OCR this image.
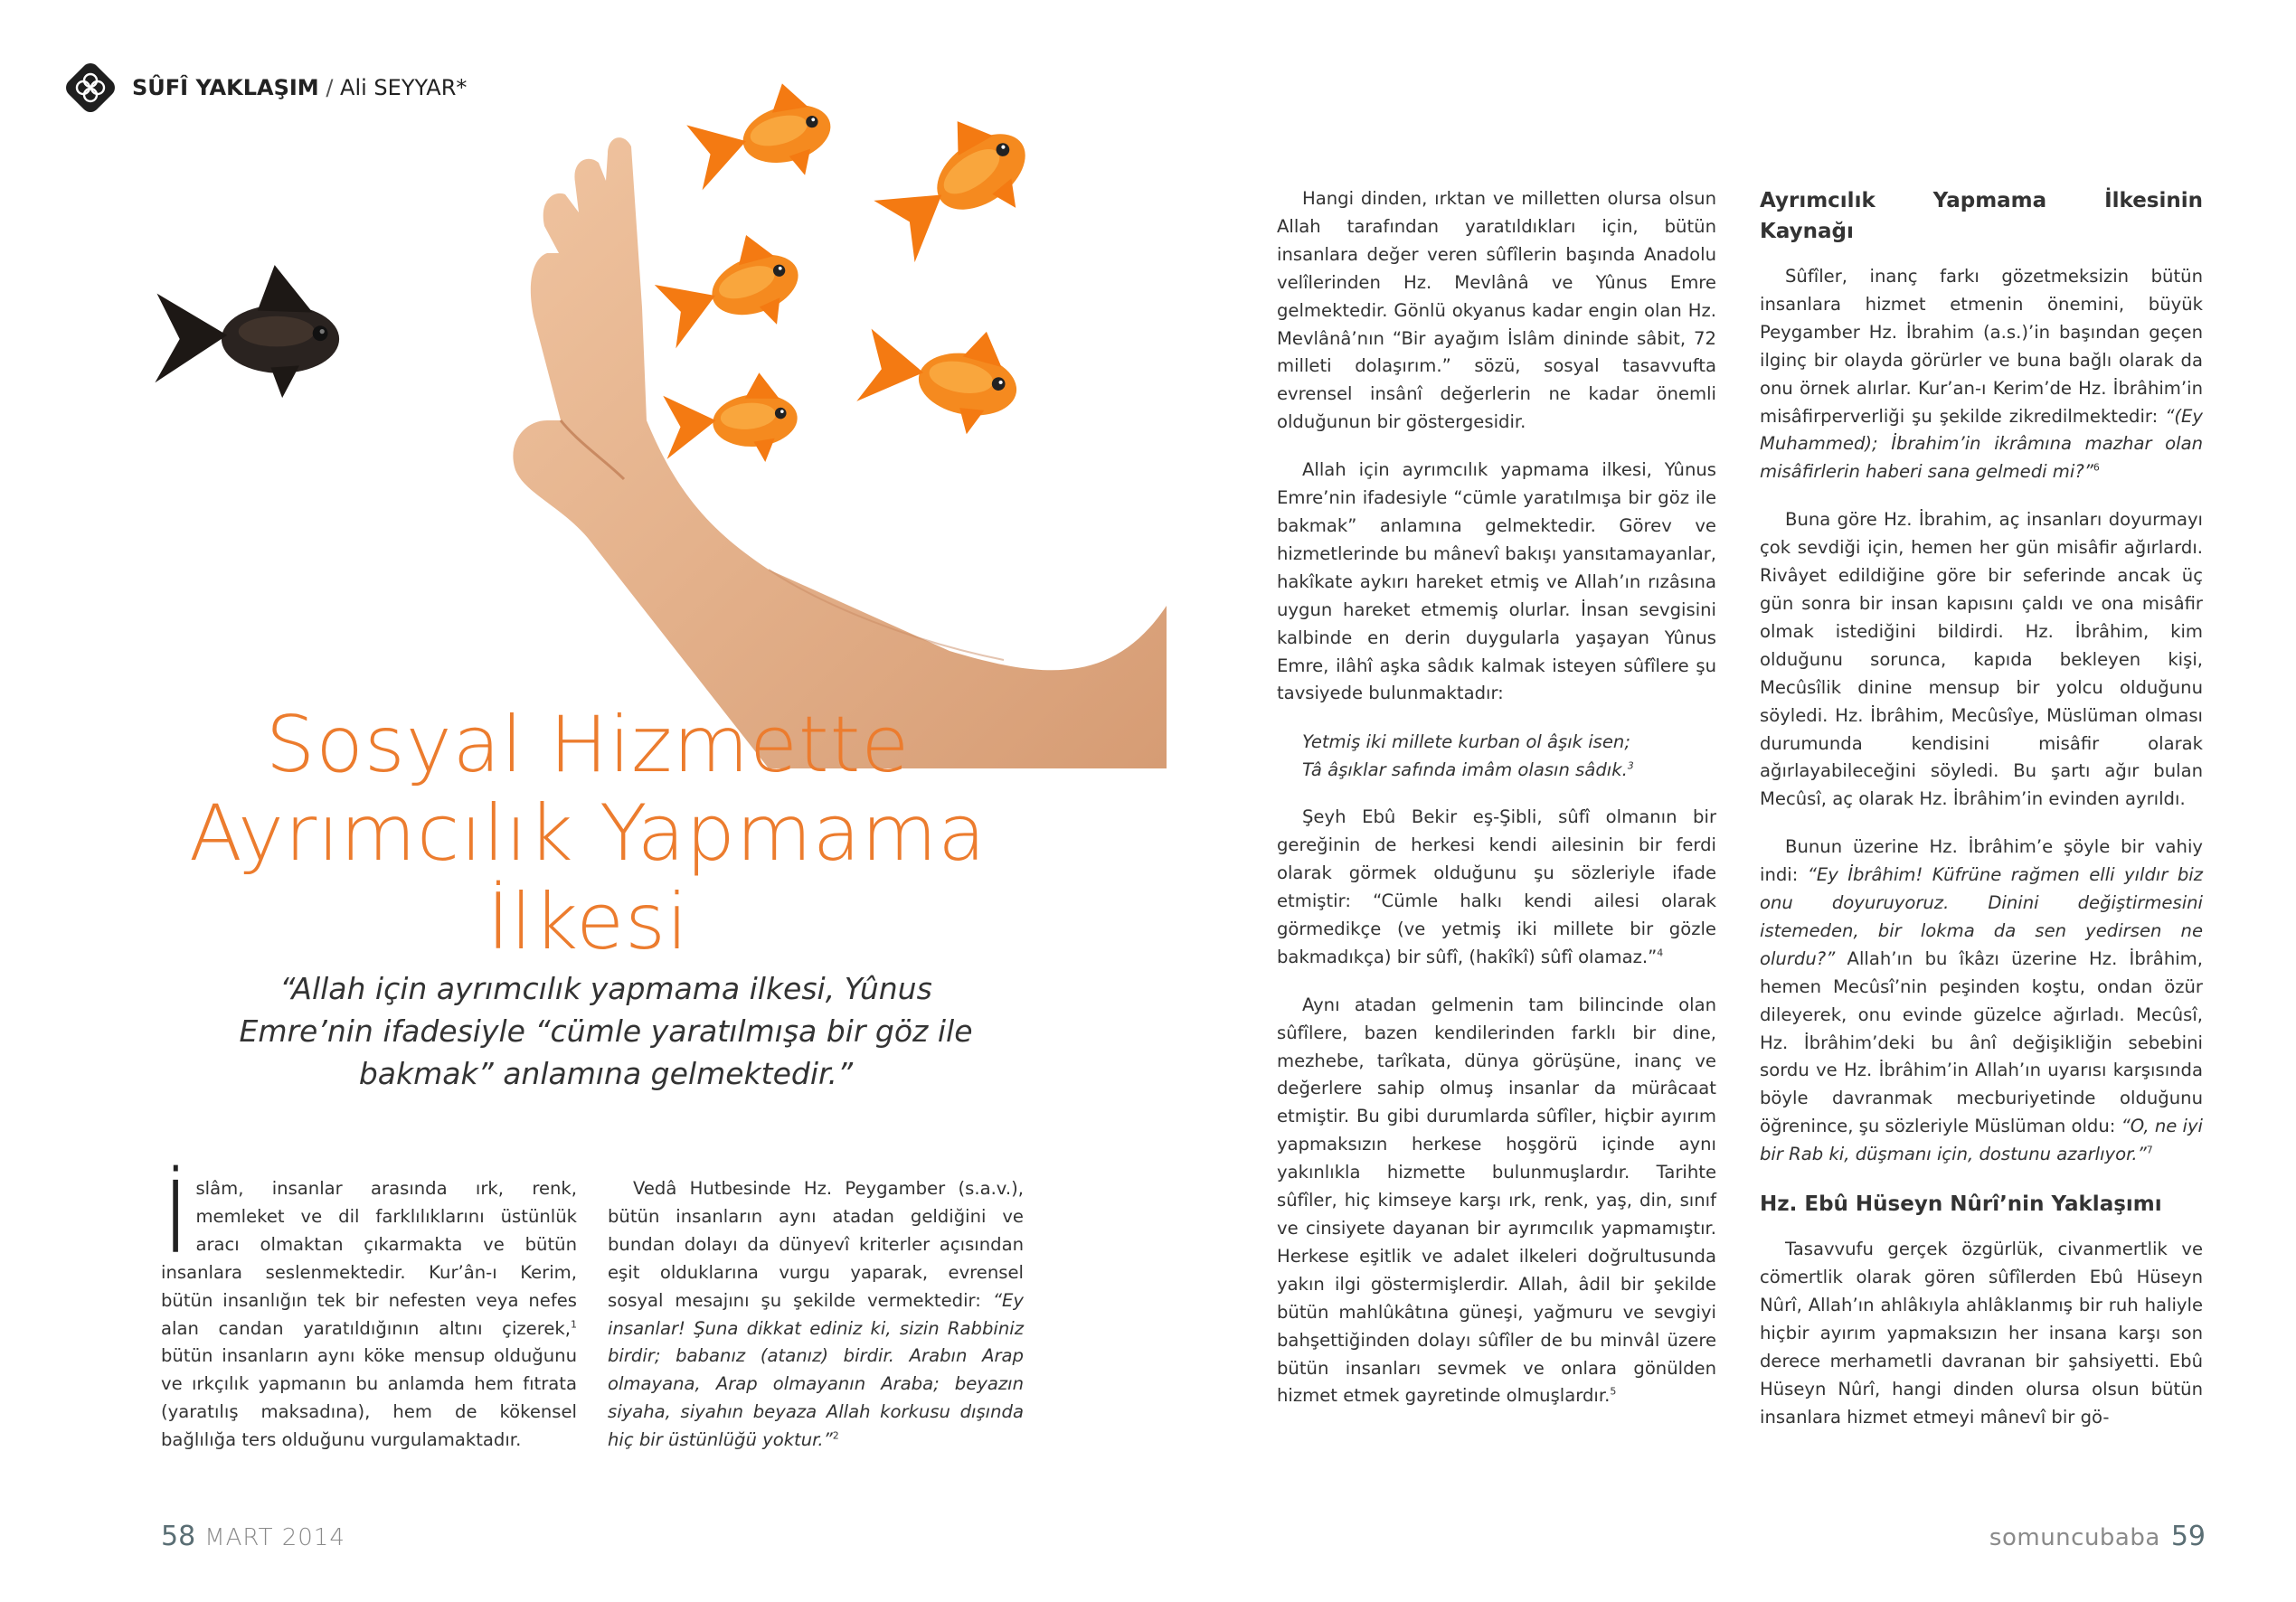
SÛFÎ YAKLAŞIM / Ali SEYYAR*
Sosyal Hizmette
Ayrımcılık Yapmama İlkesi
“Allah için ayrımcılık yapmama ilkesi, Yûnus Emre’nin ifadesiyle “cümle yaratılmışa bir göz ile bakmak” anlamına gelmektedir.”

İslâm, insanlar arasında ırk, renk, memleket ve dil farklılıklarını üstünlük aracı olmaktan çıkarmakta ve bütün insanlara seslenmektedir. Kur’ân-ı Kerim, bütün insanlığın tek bir nefesten veya nefes alan candan yaratıldığının altını çizerek,$^1$ bütün insanların aynı köke mensup olduğunu ve ırkçılık yapmanın bu anlamda hem fıtrata (yaratılış maksadına), hem de kökensel bağlılığa ters olduğunu vurgulamaktadır.

Vedâ Hutbesinde Hz. Peygamber (s.a.v.), bütün insanların aynı atadan geldiğini ve bundan dolayı da dünyevî kriterler açısından eşit olduklarına vurgu yaparak, evrensel sosyal mesajını şu şekilde vermektedir: “Ey insanlar! Şuna dikkat ediniz ki, sizin Rabbiniz birdir; babanız (atanız) birdir. Arabın Arap olmayana, Arap olmayanın Araba; beyazın siyaha, siyahın beyaza Allah korkusu dışında hiç bir üstünlüğü yoktur.”$^2$

Hangi dinden, ırktan ve milletten olursa olsun Allah tarafından yaratıldıkları için, bütün insanlara değer veren sûfîlerin başında Anadolu velîlerinden Hz. Mevlânâ ve Yûnus Emre gelmektedir. Gönlü okyanus kadar engin olan Hz. Mevlânâ’nın “Bir ayağım İslâm dininde sâbit, 72 milleti dolaşırım.” sözü, sosyal tasavvufta evrensel insânî değerlerin ne kadar önemli olduğunun bir göstergesidir.

Allah için ayrımcılık yapmama ilkesi, Yûnus Emre’nin ifadesiyle “cümle yaratılmışa bir göz ile bakmak” anlamına gelmektedir. Görev ve hizmetlerinde bu mânevî bakışı yansıtamayanlar, hakîkate aykırı hareket etmiş ve Allah’ın rızâsına uygun hareket etmemiş olurlar. İnsan sevgisini kalbinde en derin duygularla yaşayan Yûnus Emre, ilâhî aşka sâdık kalmak isteyen sûfîlere şu tavsiyede bulunmaktadır:

Yetmiş iki millete kurban ol âşık isen;
Tâ âşıklar safında imâm olasın sâdık.$^3$

Şeyh Ebû Bekir eş-Şibli, sûfî olmanın bir gereğinin de herkesi kendi ailesinin bir ferdi olarak görmek olduğunu şu sözleriyle ifade etmiştir: “Cümle halkı kendi ailesi olarak görmedikçe (ve yetmiş iki millete bir gözle bakmadıkça) bir sûfî, (hakîkî) sûfî olamaz.”$^4$

Aynı atadan gelmenin tam bilincinde olan sûfîlere, bazen kendilerinden farklı bir dine, mezhebe, tarîkata, dünya görüşüne, inanç ve değerlere sahip olmuş insanlar da mürâcaat etmiştir. Bu gibi durumlarda sûfîler, hiçbir ayırım yapmaksızın herkese hoşgörü içinde aynı yakınlıkla hizmette bulunmuşlardır. Tarihte sûfîler, hiç kimseye karşı ırk, renk, yaş, din, sınıf ve cinsiyete dayanan bir ayrımcılık yapmamıştır. Herkese eşitlik ve adalet ilkeleri doğrultusunda yakın ilgi göstermişlerdir. Allah, âdil bir şekilde bütün mahlûkâtına güneşi, yağmuru ve sevgiyi bahşettiğinden dolayı sûfîler de bu minvâl üzere bütün insanları sevmek ve onlara gönülden hizmet etmek gayretinde olmuşlardır.$^5$

Ayrımcılık Yapmama İlkesinin Kaynağı

Sûfîler, inanç farkı gözetmeksizin bütün insanlara hizmet etmenin önemini, büyük Peygamber Hz. İbrahim (a.s.)’in başından geçen ilginç bir olayda görürler ve buna bağlı olarak da onu örnek alırlar. Kur’an-ı Kerim’de Hz. İbrâhim’in misâfirperverliği şu şekilde zikredilmektedir: “(Ey Muhammed); İbrahim’in ikrâmına mazhar olan misâfirlerin haberi sana gelmedi mi?”$^6$

Buna göre Hz. İbrahim, aç insanları doyurmayı çok sevdiği için, hemen her gün misâfir ağırlardı. Rivâyet edildiğine göre bir seferinde ancak üç gün sonra bir insan kapısını çaldı ve ona misâfir olmak istediğini bildirdi. Hz. İbrâhim, kim olduğunu sorunca, kapıda bekleyen kişi, Mecûsîlik dinine mensup bir yolcu olduğunu söyledi. Hz. İbrâhim, Mecûsîye, Müslüman olması durumunda kendisini misâfir olarak ağırlayabileceğini söyledi. Bu şartı ağır bulan Mecûsî, aç olarak Hz. İbrâhim’in evinden ayrıldı.

Bunun üzerine Hz. İbrâhim’e şöyle bir vahiy indi: “Ey İbrâhim! Küfrüne rağmen elli yıldır biz onu doyuruyoruz. Dinini değiştirmesini istemeden, bir lokma da sen yedirsen ne olurdu?” Allah’ın bu îkâzı üzerine Hz. İbrâhim, hemen Mecûsî’nin peşinden koştu, ondan özür dileyerek, onu evinde güzelce ağırladı. Mecûsî, Hz. İbrâhim’deki bu ânî değişikliğin sebebini sordu ve Hz. İbrâhim’in Allah’ın uyarısı karşısında böyle davranmak mecburiyetinde olduğunu öğrenince, şu sözleriyle Müslüman oldu: “O, ne iyi bir Rab ki, düşmanı için, dostunu azarlıyor.”$^7$

Hz. Ebû Hüseyn Nûrî’nin Yaklaşımı

Tasavvufu gerçek özgürlük, civanmertlik ve cömertlik olarak gören sûfîlerden Ebû Hüseyn Nûrî, Allah’ın ahlâkıyla ahlâklanmış bir ruh haliyle hiçbir ayırım yapmaksızın her insana karşı son derece merhametli davranan bir şahsiyetti. Ebû Hüseyn Nûrî, hangi dinden olursa olsun bütün insanlara hizmet etmeyi mânevî bir gö-

58 MART 2014	somuncubaba 59
